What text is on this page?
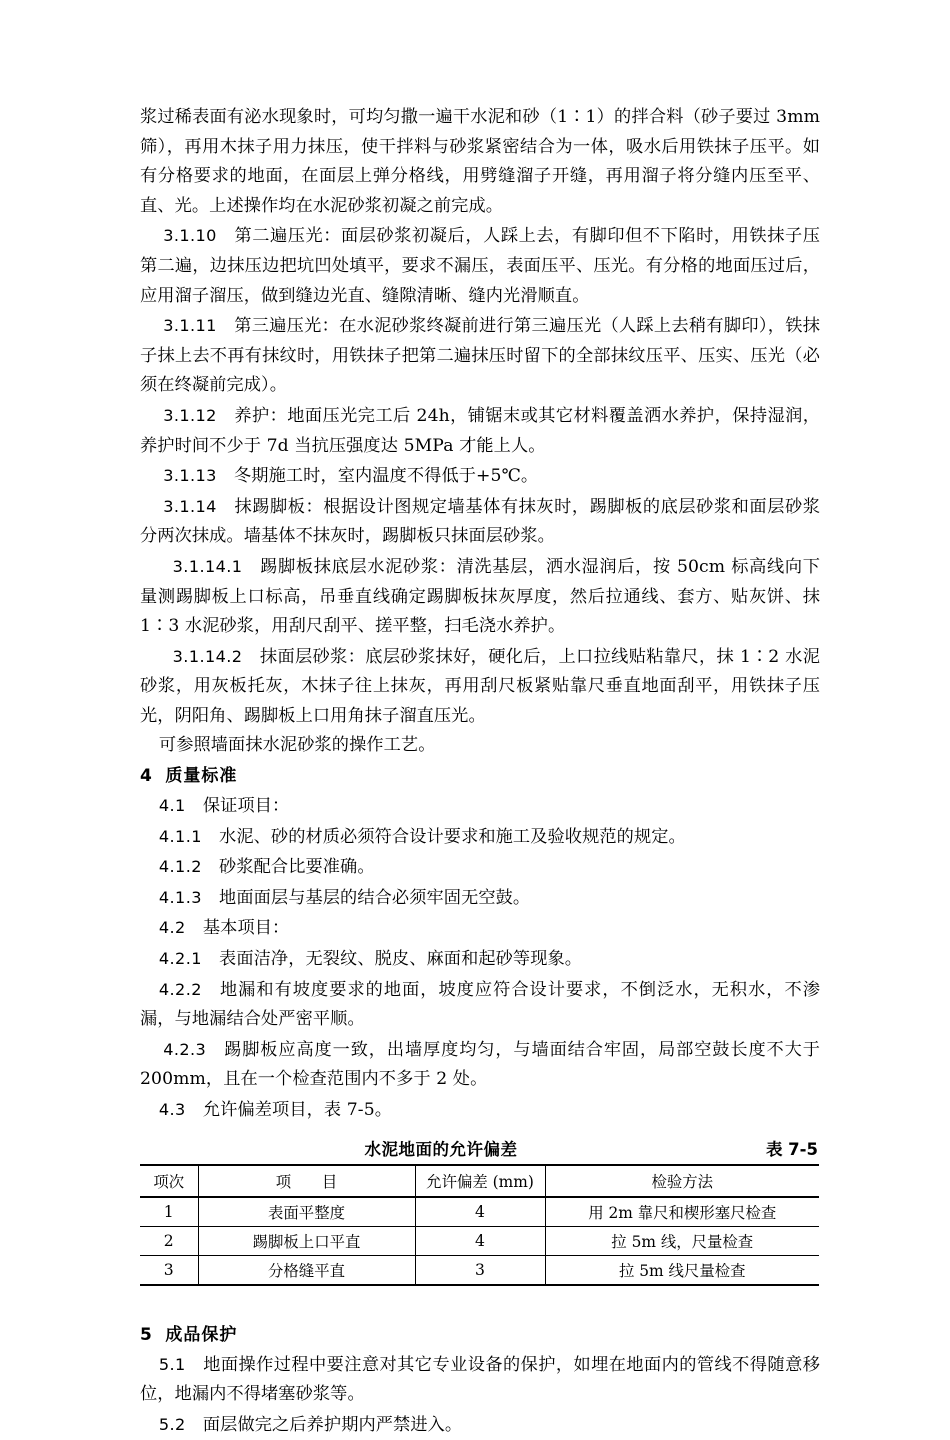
浆过稀表面有泌水现象时，可均匀撒一遍干水泥和砂（1∶1）的拌合料（砂子要过 3mm 筛），再用木抹子用力抹压，使干拌料与砂浆紧密结合为一体，吸水后用铁抹子压平。如有分格要求的地面，在面层上弹分格线，用劈缝溜子开缝，再用溜子将分缝内压至平、直、光。上述操作均在水泥砂浆初凝之前完成。

3.1.10 第二遍压光：面层砂浆初凝后，人踩上去，有脚印但不下陷时，用铁抹子压第二遍，边抹压边把坑凹处填平，要求不漏压，表面压平、压光。有分格的地面压过后，应用溜子溜压，做到缝边光直、缝隙清晰、缝内光滑顺直。

3.1.11 第三遍压光：在水泥砂浆终凝前进行第三遍压光（人踩上去稍有脚印），铁抹子抹上去不再有抹纹时，用铁抹子把第二遍抹压时留下的全部抹纹压平、压实、压光（必须在终凝前完成）。

3.1.12 养护：地面压光完工后 24h，铺锯末或其它材料覆盖洒水养护，保持湿润，养护时间不少于 7d 当抗压强度达 5MPa 才能上人。

3.1.13 冬期施工时，室内温度不得低于+5℃。

3.1.14 抹踢脚板：根据设计图规定墙基体有抹灰时，踢脚板的底层砂浆和面层砂浆分两次抹成。墙基体不抹灰时，踢脚板只抹面层砂浆。

3.1.14.1 踢脚板抹底层水泥砂浆：清洗基层，洒水湿润后，按 50cm 标高线向下量测踢脚板上口标高，吊垂直线确定踢脚板抹灰厚度，然后拉通线、套方、贴灰饼、抹 1∶3 水泥砂浆，用刮尺刮平、搓平整，扫毛浇水养护。

3.1.14.2 抹面层砂浆：底层砂浆抹好，硬化后，上口拉线贴粘靠尺，抹 1∶2 水泥砂浆，用灰板托灰，木抹子往上抹灰，再用刮尺板紧贴靠尺垂直地面刮平，用铁抹子压光，阴阳角、踢脚板上口用角抹子溜直压光。

可参照墙面抹水泥砂浆的操作工艺。

4 质量标准

4.1 保证项目：

4.1.1 水泥、砂的材质必须符合设计要求和施工及验收规范的规定。

4.1.2 砂浆配合比要准确。

4.1.3 地面面层与基层的结合必须牢固无空鼓。

4.2 基本项目：

4.2.1 表面洁净，无裂纹、脱皮、麻面和起砂等现象。

4.2.2 地漏和有坡度要求的地面，坡度应符合设计要求，不倒泛水，无积水，不渗漏，与地漏结合处严密平顺。

4.2.3 踢脚板应高度一致，出墙厚度均匀，与墙面结合牢固，局部空鼓长度不大于 200mm，且在一个检查范围内不多于 2 处。

4.3 允许偏差项目，表 7-5。

水泥地面的允许偏差	表 7-5
项次	项　　目	允许偏差 (mm)	检验方法
1	表面平整度	4	用 2m 靠尺和楔形塞尺检查
2	踢脚板上口平直	4	拉 5m 线，尺量检查
3	分格缝平直	3	拉 5m 线尺量检查

5 成品保护

5.1 地面操作过程中要注意对其它专业设备的保护，如埋在地面内的管线不得随意移位，地漏内不得堵塞砂浆等。

5.2 面层做完之后养护期内严禁进入。
